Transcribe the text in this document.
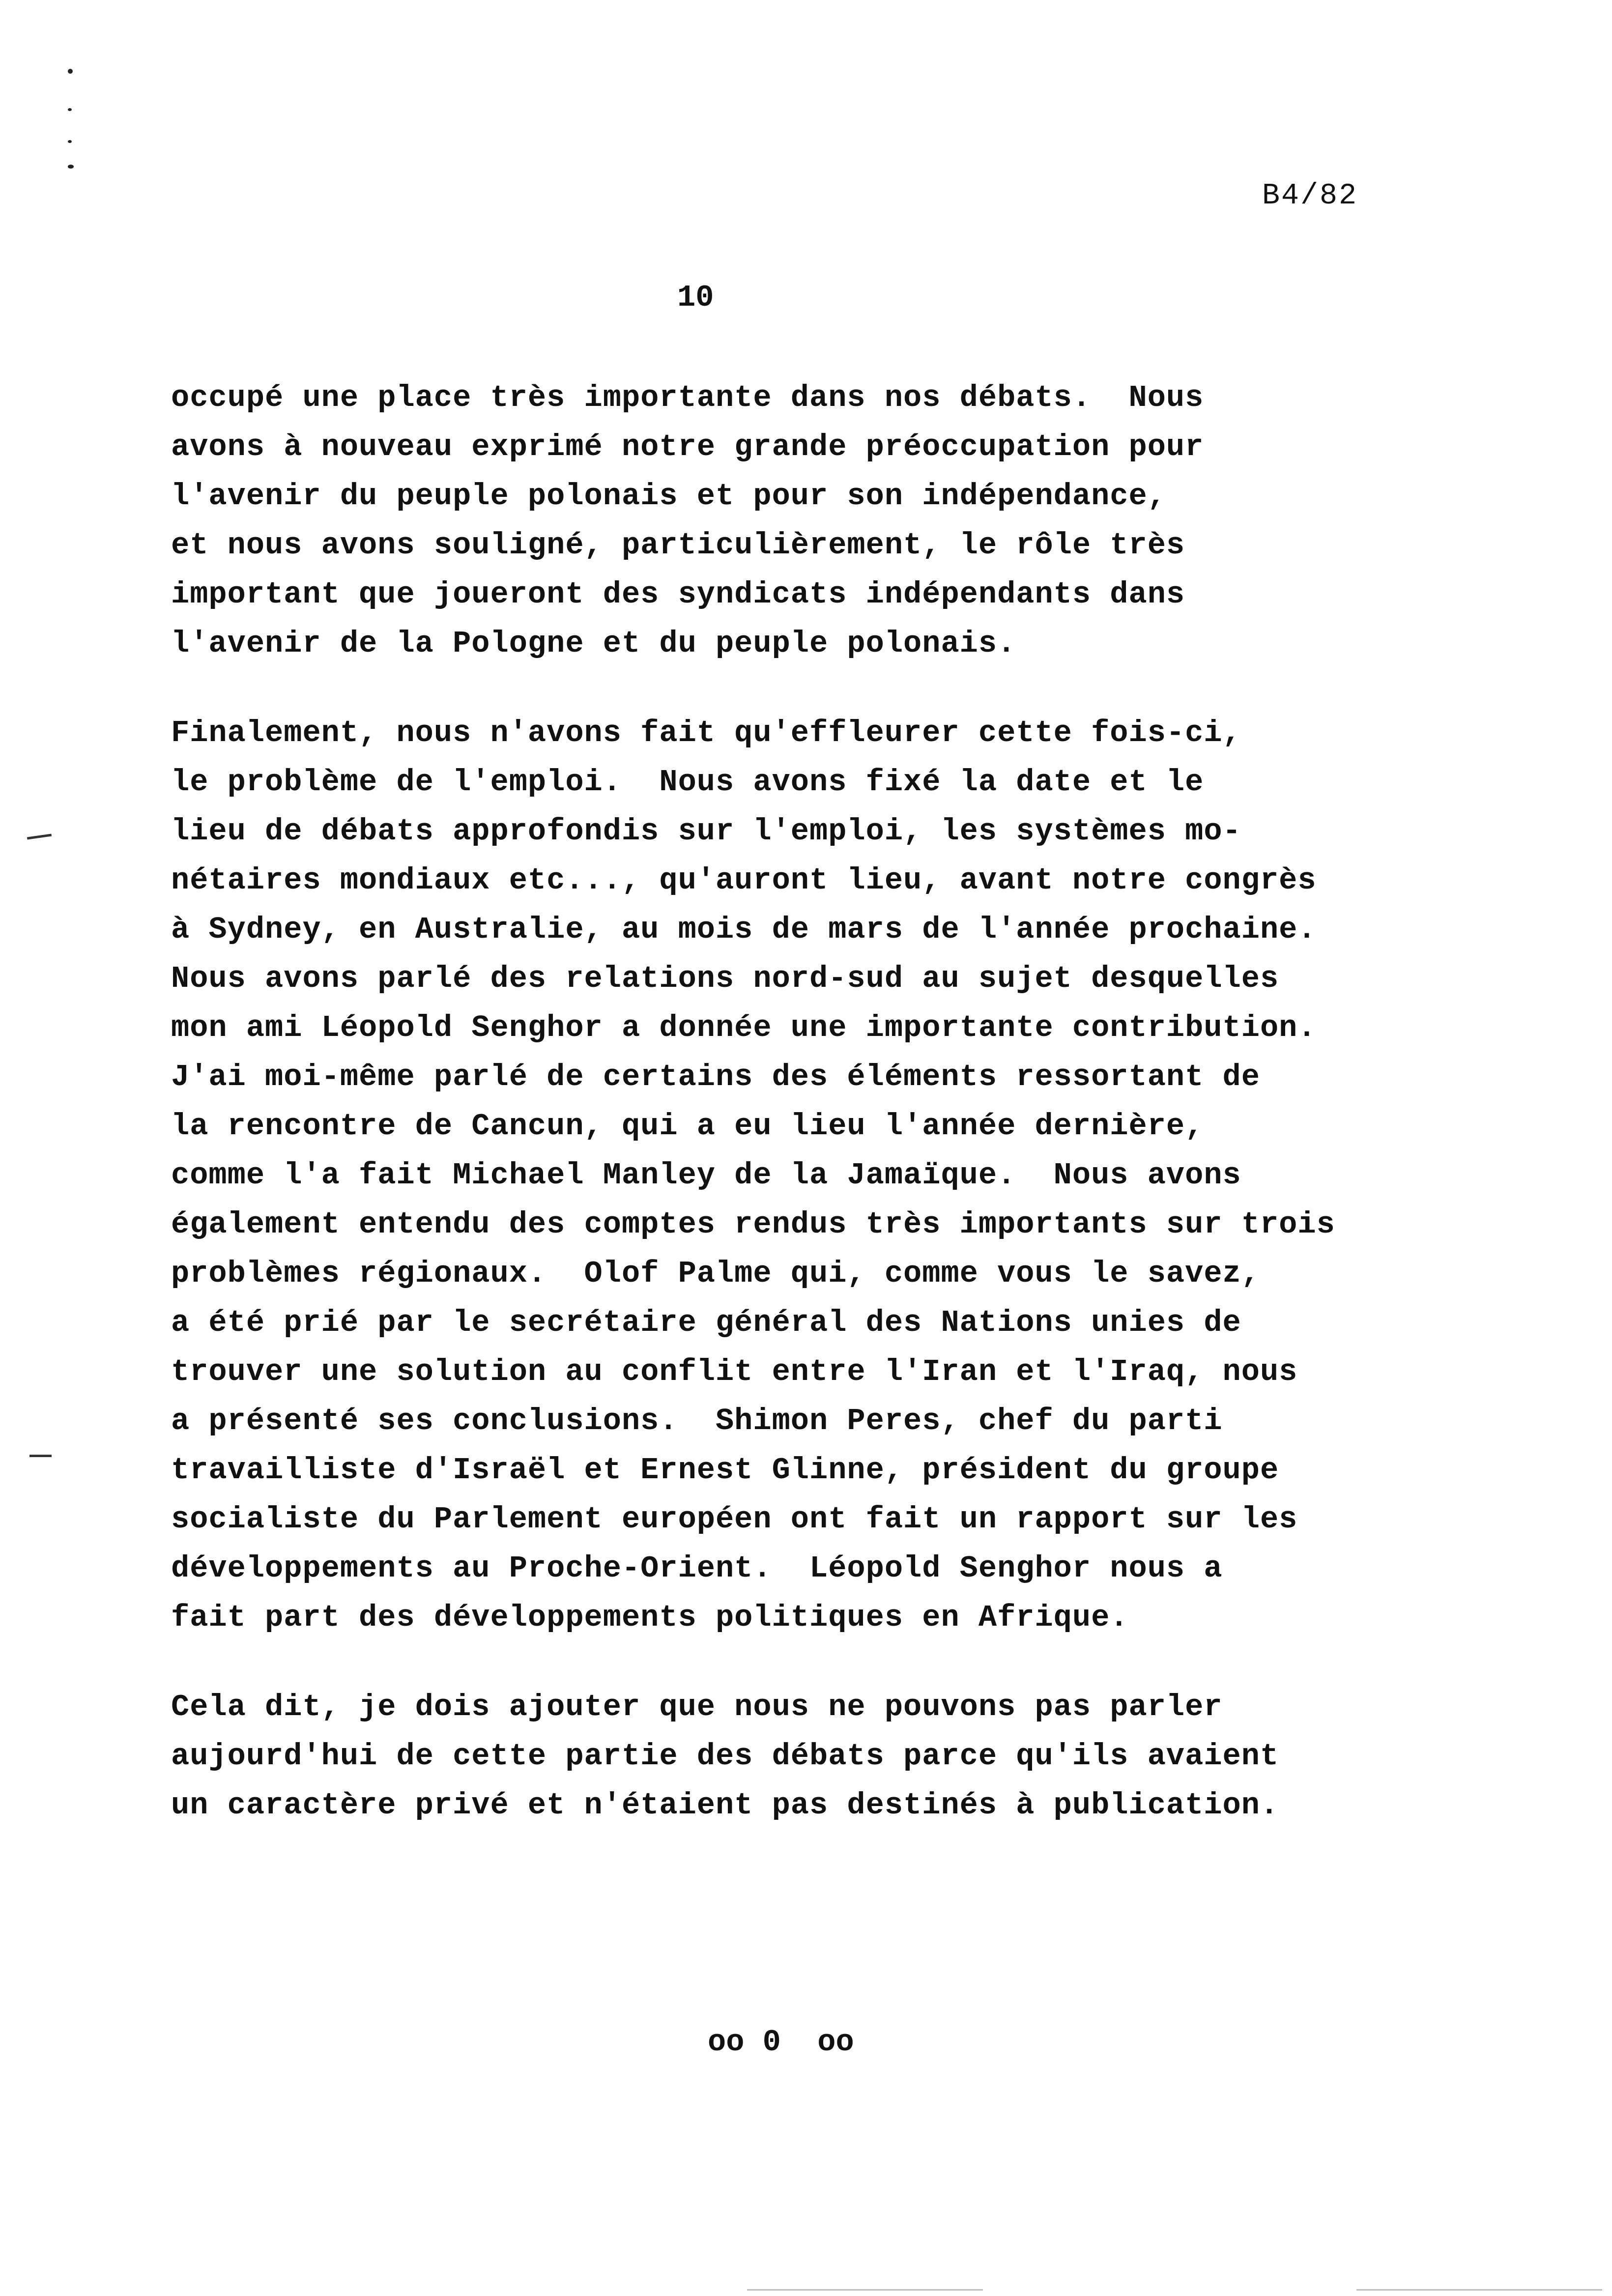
B4/82
10
occupé une place très importante dans nos débats.  Nous
avons à nouveau exprimé notre grande préoccupation pour
l'avenir du peuple polonais et pour son indépendance,
et nous avons souligné, particulièrement, le rôle très
important que joueront des syndicats indépendants dans
l'avenir de la Pologne et du peuple polonais.
Finalement, nous n'avons fait qu'effleurer cette fois-ci,
le problème de l'emploi.  Nous avons fixé la date et le
lieu de débats approfondis sur l'emploi, les systèmes mo-
nétaires mondiaux etc..., qu'auront lieu, avant notre congrès
à Sydney, en Australie, au mois de mars de l'année prochaine.
Nous avons parlé des relations nord-sud au sujet desquelles
mon ami Léopold Senghor a donnée une importante contribution.
J'ai moi-même parlé de certains des éléments ressortant de
la rencontre de Cancun, qui a eu lieu l'année dernière,
comme l'a fait Michael Manley de la Jamaïque.  Nous avons
également entendu des comptes rendus très importants sur trois
problèmes régionaux.  Olof Palme qui, comme vous le savez,
a été prié par le secrétaire général des Nations unies de
trouver une solution au conflit entre l'Iran et l'Iraq, nous
a présenté ses conclusions.  Shimon Peres, chef du parti
travailliste d'Israël et Ernest Glinne, président du groupe
socialiste du Parlement européen ont fait un rapport sur les
développements au Proche-Orient.  Léopold Senghor nous a
fait part des développements politiques en Afrique.
Cela dit, je dois ajouter que nous ne pouvons pas parler
aujourd'hui de cette partie des débats parce qu'ils avaient
un caractère privé et n'étaient pas destinés à publication.
oo 0  oo
